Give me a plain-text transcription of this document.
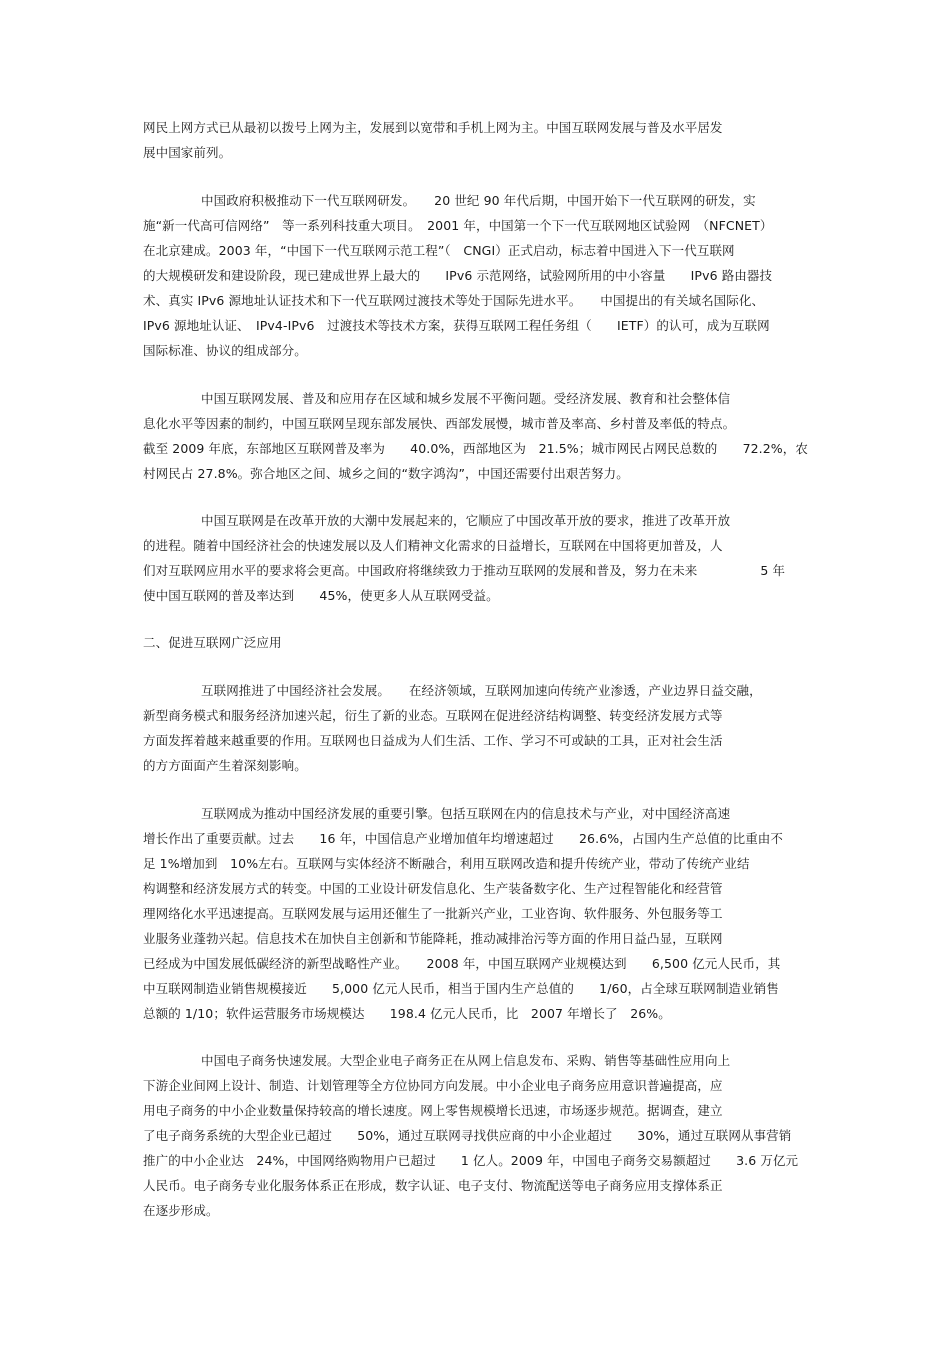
网民上网方式已从最初以拨号上网为主，发展到以宽带和手机上网为主。中国互联网发展与普及水平居发
展中国家前列。
中国政府积极推动下一代互联网研发。　　20 世纪 90 年代后期，中国开始下一代互联网的研发，实
施“新一代高可信网络”　等一系列科技重大项目。　2001 年，中国第一个下一代互联网地区试验网　（NFCNET）
在北京建成。2003 年，“中国下一代互联网示范工程”（　CNGI）正式启动，标志着中国进入下一代互联网
的大规模研发和建设阶段，现已建成世界上最大的　　IPv6 示范网络，试验网所用的中小容量　　IPv6 路由器技
术、真实 IPv6 源地址认证技术和下一代互联网过渡技术等处于国际先进水平。　　中国提出的有关域名国际化、
IPv6 源地址认证、　IPv4-IPv6　过渡技术等技术方案，获得互联网工程任务组（　　IETF）的认可，成为互联网
国际标准、协议的组成部分。
中国互联网发展、普及和应用存在区域和城乡发展不平衡问题。受经济发展、教育和社会整体信
息化水平等因素的制约，中国互联网呈现东部发展快、西部发展慢，城市普及率高、乡村普及率低的特点。
截至 2009 年底，东部地区互联网普及率为　　40.0%，西部地区为　21.5%；城市网民占网民总数的　　72.2%，农
村网民占 27.8%。弥合地区之间、城乡之间的“数字鸿沟”，中国还需要付出艰苦努力。
中国互联网是在改革开放的大潮中发展起来的，它顺应了中国改革开放的要求，推进了改革开放
的进程。随着中国经济社会的快速发展以及人们精神文化需求的日益增长，互联网在中国将更加普及，人
们对互联网应用水平的要求将会更高。中国政府将继续致力于推动互联网的发展和普及，努力在未来　　　　　5 年
使中国互联网的普及率达到　　45%，使更多人从互联网受益。
二、促进互联网广泛应用
互联网推进了中国经济社会发展。　　在经济领域，互联网加速向传统产业渗透，产业边界日益交融，
新型商务模式和服务经济加速兴起，衍生了新的业态。互联网在促进经济结构调整、转变经济发展方式等
方面发挥着越来越重要的作用。互联网也日益成为人们生活、工作、学习不可或缺的工具，正对社会生活
的方方面面产生着深刻影响。
互联网成为推动中国经济发展的重要引擎。包括互联网在内的信息技术与产业，对中国经济高速
增长作出了重要贡献。过去　　16 年，中国信息产业增加值年均增速超过　　26.6%，占国内生产总值的比重由不
足 1%增加到　10%左右。互联网与实体经济不断融合，利用互联网改造和提升传统产业，带动了传统产业结
构调整和经济发展方式的转变。中国的工业设计研发信息化、生产装备数字化、生产过程智能化和经营管
理网络化水平迅速提高。互联网发展与运用还催生了一批新兴产业，工业咨询、软件服务、外包服务等工
业服务业蓬勃兴起。信息技术在加快自主创新和节能降耗，推动减排治污等方面的作用日益凸显，互联网
已经成为中国发展低碳经济的新型战略性产业。　　2008 年，中国互联网产业规模达到　　6,500 亿元人民币，其
中互联网制造业销售规模接近　　5,000 亿元人民币，相当于国内生产总值的　　1/60，占全球互联网制造业销售
总额的 1/10；软件运营服务市场规模达　　198.4 亿元人民币，比　2007 年增长了　26%。
中国电子商务快速发展。大型企业电子商务正在从网上信息发布、采购、销售等基础性应用向上
下游企业间网上设计、制造、计划管理等全方位协同方向发展。中小企业电子商务应用意识普遍提高，应
用电子商务的中小企业数量保持较高的增长速度。网上零售规模增长迅速，市场逐步规范。据调查，建立
了电子商务系统的大型企业已超过　　50%，通过互联网寻找供应商的中小企业超过　　30%，通过互联网从事营销
推广的中小企业达　24%，中国网络购物用户已超过　　1 亿人。2009 年，中国电子商务交易额超过　　3.6 万亿元
人民币。电子商务专业化服务体系正在形成，数字认证、电子支付、物流配送等电子商务应用支撑体系正
在逐步形成。
